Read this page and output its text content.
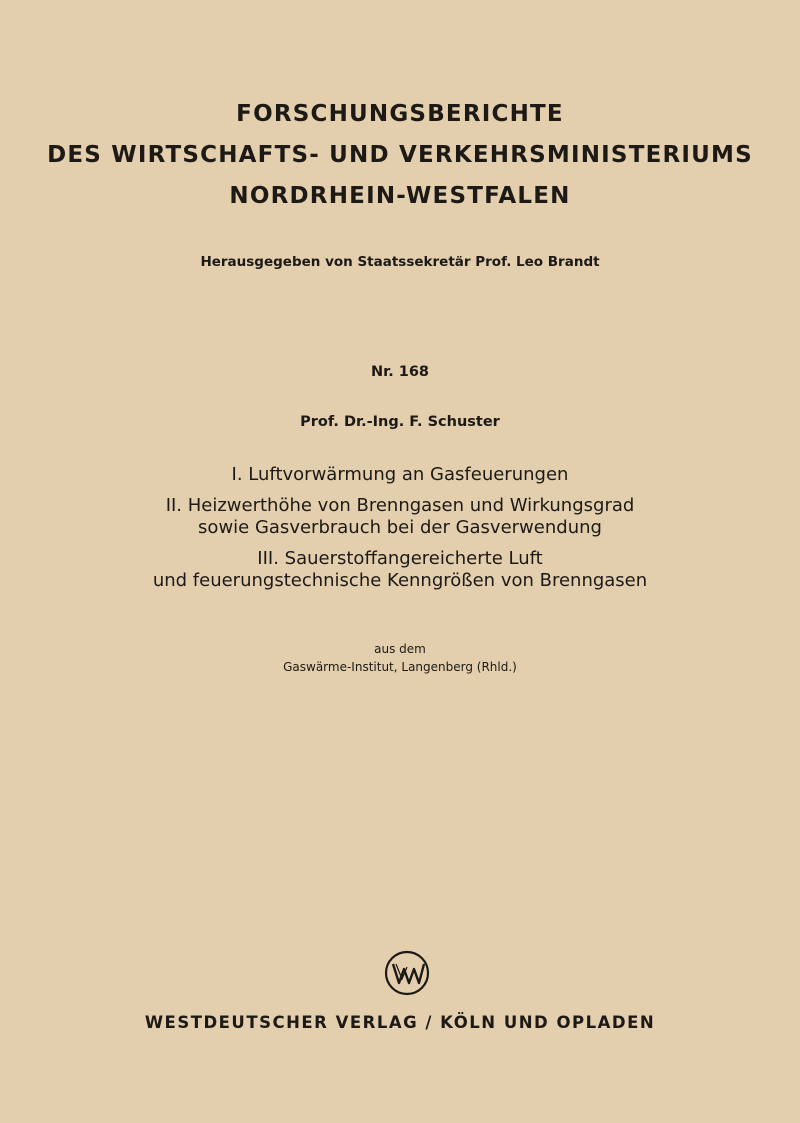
FORSCHUNGSBERICHTE
DES WIRTSCHAFTS- UND VERKEHRSMINISTERIUMS
NORDRHEIN-WESTFALEN
Herausgegeben von Staatssekretär Prof. Leo Brandt
Nr. 168
Prof. Dr.-Ing. F. Schuster
I. Luftvorwärmung an Gasfeuerungen
II. Heizwerthöhe von Brenngasen und Wirkungsgrad
sowie Gasverbrauch bei der Gasverwendung
III. Sauerstoffangereicherte Luft
und feuerungstechnische Kenngrößen von Brenngasen
aus dem
Gaswärme-Institut, Langenberg (Rhld.)
WESTDEUTSCHER VERLAG / KÖLN UND OPLADEN
